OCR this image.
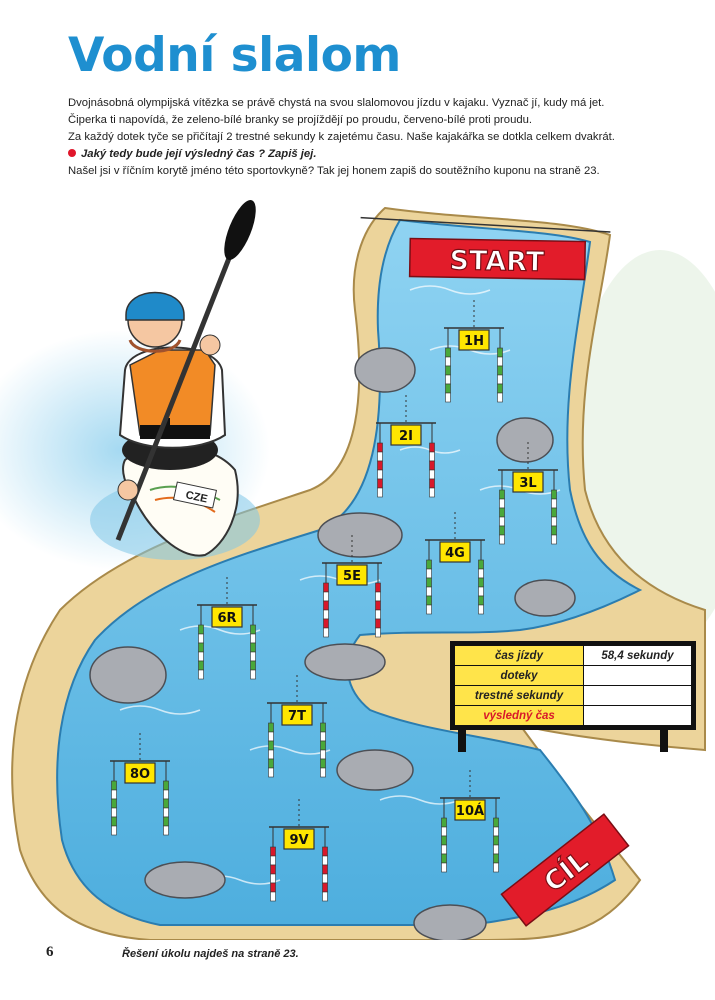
Vodní slalom

Dvojnásobná olympijská vítězka se právě chystá na svou slalomovou jízdu v kajaku. Vyznač jí, kudy má jet.

Čiperka ti napovídá, že zeleno-bílé branky se projíždějí po proudu, červeno-bílé proti proudu.

Za každý dotek tyče se přičítají 2 trestné sekundy k zajetému času. Naše kajakářka se dotkla celkem dvakrát.

Jaký tedy bude její výsledný čas ? Zapiš jej.

Našel jsi v říčním korytě jméno této sportovkyně? Tak jej honem zapiš do soutěžního kuponu na straně 23.

START
CÍL
1H
2I
3L
4G
5E
6R
7T
8O
9V
10Á
CZE
čas jízdy	58,4 sekundy
doteky	
trestné sekundy	
výsledný čas	
6	Řešení úkolu najdeš na straně 23.
